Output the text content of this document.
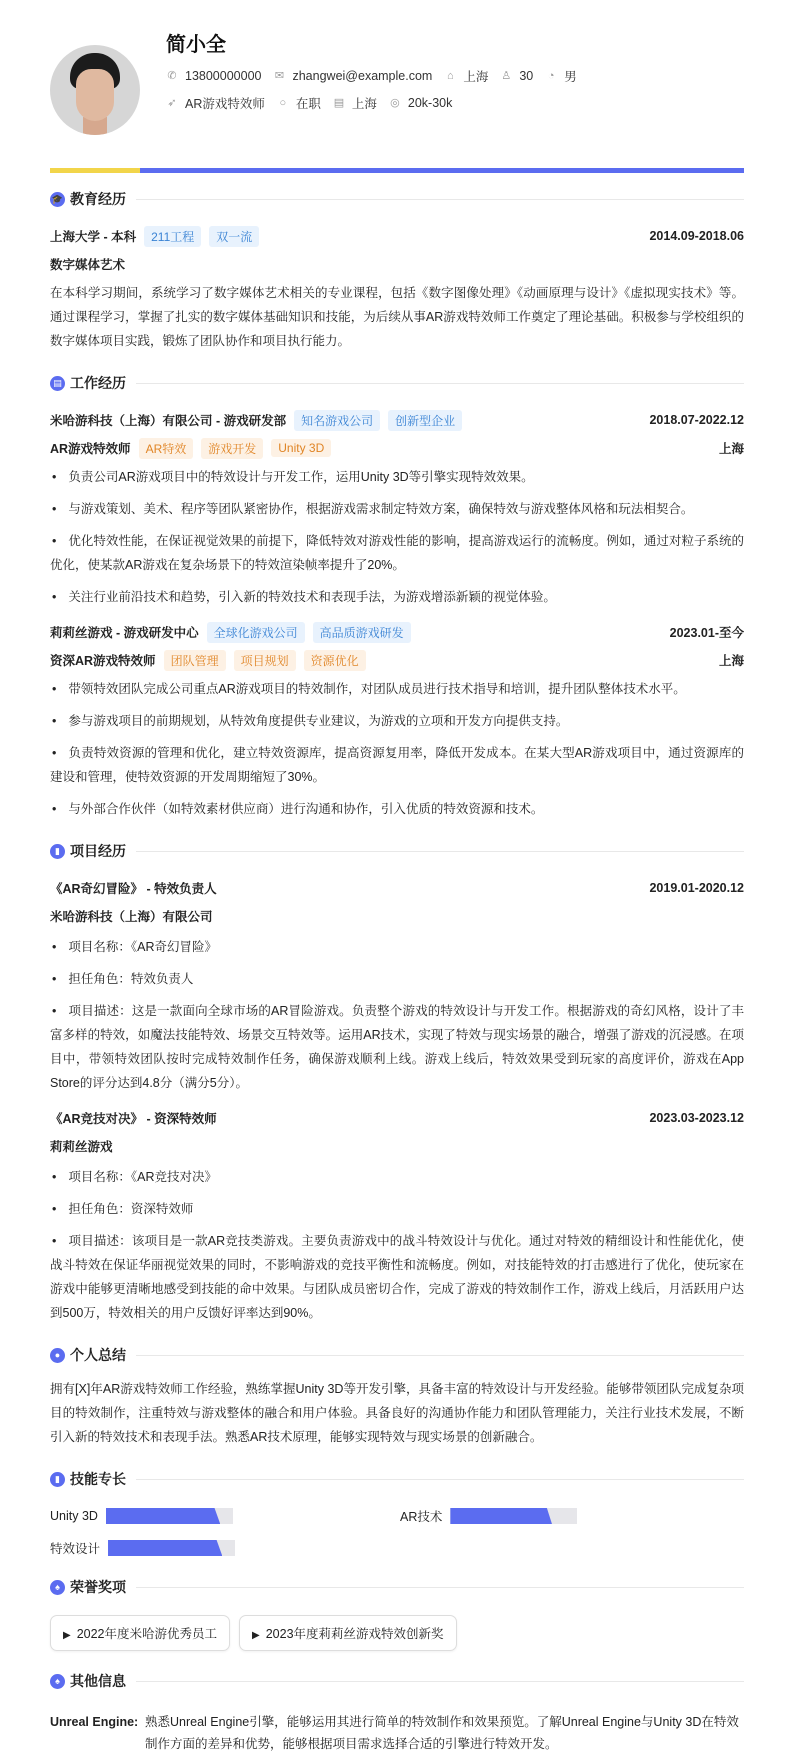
简小全
✆ 13800000000 ✉ zhangwei@example.com ⌂ 上海 ♙ 30 ◔ 男
➶ AR游戏特效师 ○ 在职 ▤ 上海 ◎ 20k-30k
🎓 教育经历
上海大学 - 本科	211工程	双一流	2014.09-2018.06
数字媒体艺术
在本科学习期间，系统学习了数字媒体艺术相关的专业课程，包括《数字图像处理》《动画原理与设计》《虚拟现实技术》等。通过课程学习，掌握了扎实的数字媒体基础知识和技能，为后续从事AR游戏特效师工作奠定了理论基础。积极参与学校组织的数字媒体项目实践，锻炼了团队协作和项目执行能力。
▤ 工作经历
米哈游科技（上海）有限公司 - 游戏研发部	知名游戏公司	创新型企业	2018.07-2022.12
AR游戏特效师	AR特效	游戏开发	Unity 3D	上海
• 负责公司AR游戏项目中的特效设计与开发工作，运用Unity 3D等引擎实现特效效果。
• 与游戏策划、美术、程序等团队紧密协作，根据游戏需求制定特效方案，确保特效与游戏整体风格和玩法相契合。
• 优化特效性能，在保证视觉效果的前提下，降低特效对游戏性能的影响，提高游戏运行的流畅度。例如，通过对粒子系统的优化，使某款AR游戏在复杂场景下的特效渲染帧率提升了20%。
• 关注行业前沿技术和趋势，引入新的特效技术和表现手法，为游戏增添新颖的视觉体验。
莉莉丝游戏 - 游戏研发中心	全球化游戏公司	高品质游戏研发	2023.01-至今
资深AR游戏特效师	团队管理	项目规划	资源优化	上海
• 带领特效团队完成公司重点AR游戏项目的特效制作，对团队成员进行技术指导和培训，提升团队整体技术水平。
• 参与游戏项目的前期规划，从特效角度提供专业建议，为游戏的立项和开发方向提供支持。
• 负责特效资源的管理和优化，建立特效资源库，提高资源复用率，降低开发成本。在某大型AR游戏项目中，通过资源库的建设和管理，使特效资源的开发周期缩短了30%。
• 与外部合作伙伴（如特效素材供应商）进行沟通和协作，引入优质的特效资源和技术。
▮ 项目经历
《AR奇幻冒险》 - 特效负责人	2019.01-2020.12
米哈游科技（上海）有限公司
• 项目名称：《AR奇幻冒险》
• 担任角色：特效负责人
• 项目描述：这是一款面向全球市场的AR冒险游戏。负责整个游戏的特效设计与开发工作。根据游戏的奇幻风格，设计了丰富多样的特效，如魔法技能特效、场景交互特效等。运用AR技术，实现了特效与现实场景的融合，增强了游戏的沉浸感。在项目中，带领特效团队按时完成特效制作任务，确保游戏顺利上线。游戏上线后，特效效果受到玩家的高度评价，游戏在App Store的评分达到4.8分（满分5分）。
《AR竞技对决》 - 资深特效师	2023.03-2023.12
莉莉丝游戏
• 项目名称：《AR竞技对决》
• 担任角色：资深特效师
• 项目描述：该项目是一款AR竞技类游戏。主要负责游戏中的战斗特效设计与优化。通过对特效的精细设计和性能优化，使战斗特效在保证华丽视觉效果的同时，不影响游戏的竞技平衡性和流畅度。例如，对技能特效的打击感进行了优化，使玩家在游戏中能够更清晰地感受到技能的命中效果。与团队成员密切合作，完成了游戏的特效制作工作，游戏上线后，月活跃用户达到500万，特效相关的用户反馈好评率达到90%。
● 个人总结
拥有[X]年AR游戏特效师工作经验，熟练掌握Unity 3D等开发引擎，具备丰富的特效设计与开发经验。能够带领团队完成复杂项目的特效制作，注重特效与游戏整体的融合和用户体验。具备良好的沟通协作能力和团队管理能力，关注行业技术发展，不断引入新的特效技术和表现手法。熟悉AR技术原理，能够实现特效与现实场景的创新融合。
▮ 技能专长
Unity 3D	AR技术
特效设计
♠ 荣誉奖项
▶ 2022年度米哈游优秀员工	▶ 2023年度莉莉丝游戏特效创新奖
♠ 其他信息
Unreal Engine: 熟悉Unreal Engine引擎，能够运用其进行简单的特效制作和效果预览。了解Unreal Engine与Unity 3D在特效制作方面的差异和优势，能够根据项目需求选择合适的引擎进行特效开发。
